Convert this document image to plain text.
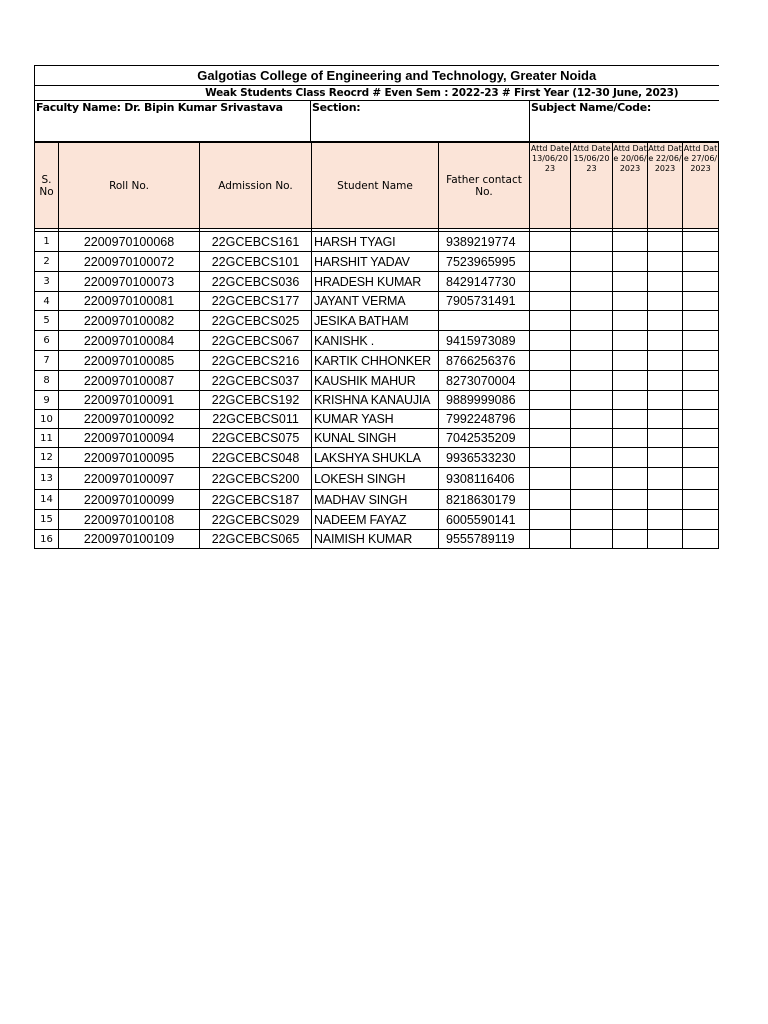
Galgotias College of Engineering and Technology, Greater Noida
Weak Students Class Reocrd # Even Sem : 2022-23 # First Year (12-30 June, 2023)
Faculty Name: Dr. Bipin Kumar Srivastava	Section:	Subject Name/Code:
S. No	Roll No.	Admission No.	Student Name	Father contact No.	Attd Date 13/06/2023	Attd Date 15/06/2023	Attd Date 20/06/2023	Attd Date 22/06/2023	Attd Date 27/06/2023

1	2200970100068	22GCEBCS161	HARSH TYAGI	9389219774					
2	2200970100072	22GCEBCS101	HARSHIT YADAV	7523965995					
3	2200970100073	22GCEBCS036	HRADESH KUMAR	8429147730					
4	2200970100081	22GCEBCS177	JAYANT VERMA	7905731491					
5	2200970100082	22GCEBCS025	JESIKA BATHAM						
6	2200970100084	22GCEBCS067	KANISHK .	9415973089					
7	2200970100085	22GCEBCS216	KARTIK CHHONKER	8766256376					
8	2200970100087	22GCEBCS037	KAUSHIK MAHUR	8273070004					
9	2200970100091	22GCEBCS192	KRISHNA KANAUJIA	9889999086					
10	2200970100092	22GCEBCS011	KUMAR YASH	7992248796					
11	2200970100094	22GCEBCS075	KUNAL SINGH	7042535209					
12	2200970100095	22GCEBCS048	LAKSHYA SHUKLA	9936533230					
13	2200970100097	22GCEBCS200	LOKESH SINGH	9308116406					
14	2200970100099	22GCEBCS187	MADHAV SINGH	8218630179					
15	2200970100108	22GCEBCS029	NADEEM FAYAZ	6005590141					
16	2200970100109	22GCEBCS065	NAIMISH KUMAR	9555789119					
